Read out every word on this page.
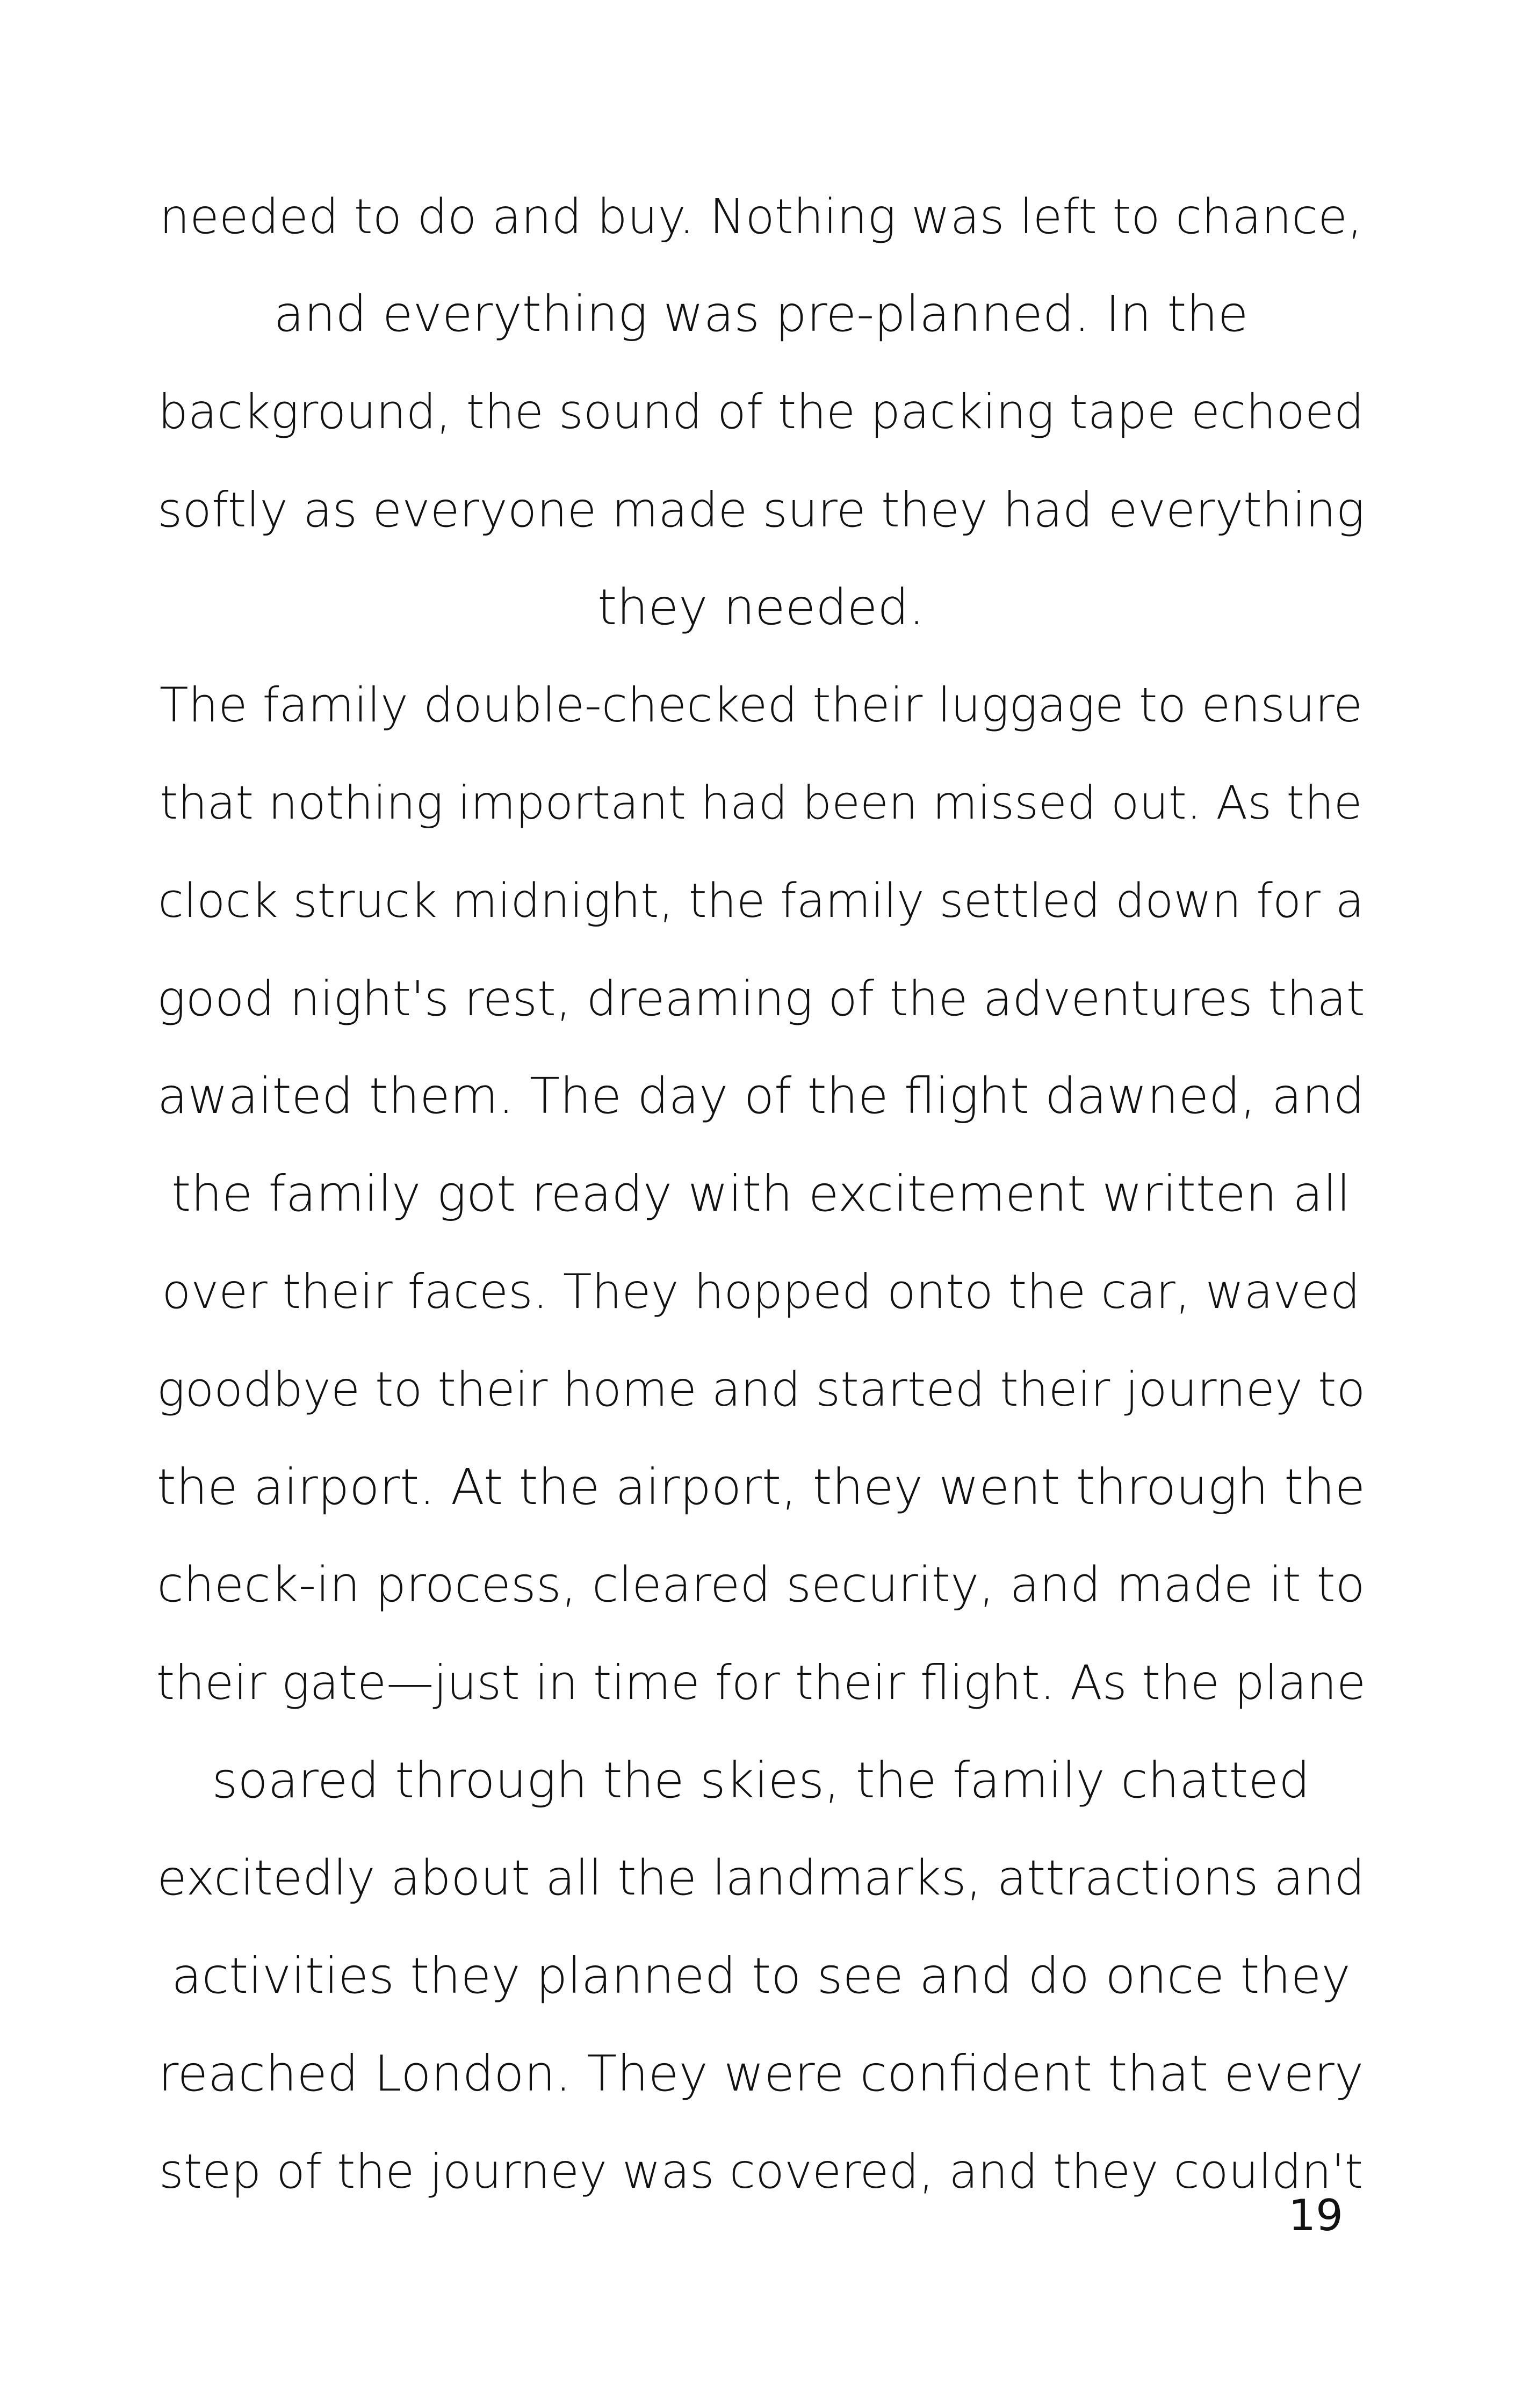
needed to do and buy. Nothing was left to chance,
and everything was pre-planned. In the
background, the sound of the packing tape echoed
softly as everyone made sure they had everything
they needed.
The family double-checked their luggage to ensure
that nothing important had been missed out. As the
clock struck midnight, the family settled down for a
good night's rest, dreaming of the adventures that
awaited them. The day of the flight dawned, and
the family got ready with excitement written all
over their faces. They hopped onto the car, waved
goodbye to their home and started their journey to
the airport. At the airport, they went through the
check-in process, cleared security, and made it to
their gate—just in time for their flight. As the plane
soared through the skies, the family chatted
excitedly about all the landmarks, attractions and
activities they planned to see and do once they
reached London. They were confident that every
step of the journey was covered, and they couldn't
19
